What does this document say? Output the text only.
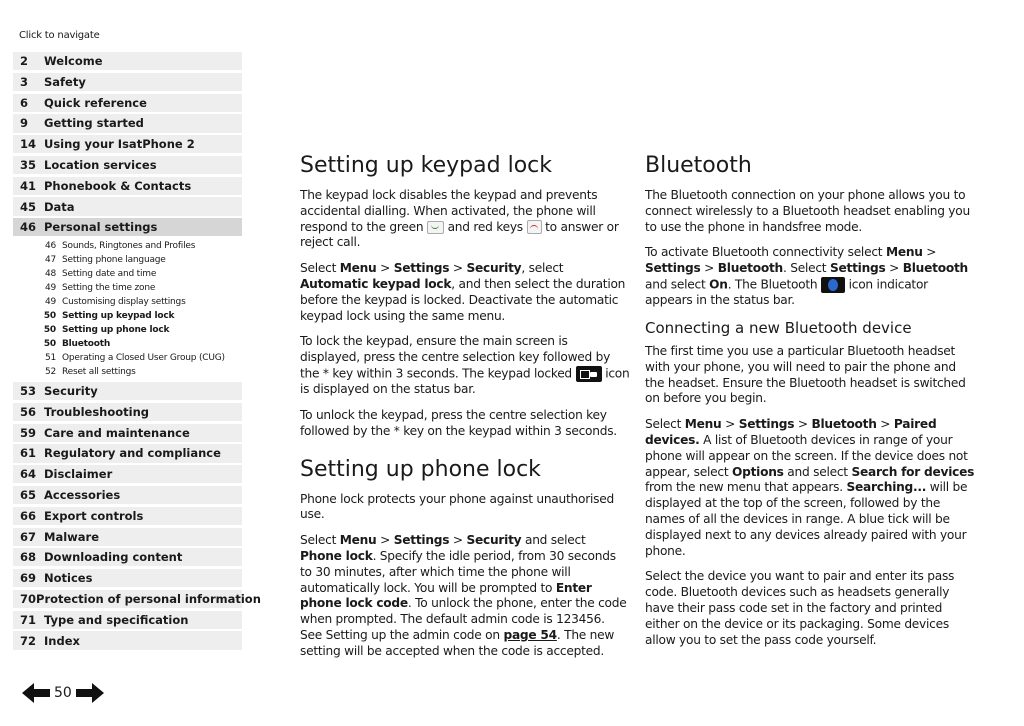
Click to navigate
2	Welcome
3	Safety
6	Quick reference
9	Getting started
14 Using your IsatPhone 2
35 Location services
41 Phonebook & Contacts
45 Data
46 Personal settings
46 Sounds, Ringtones and Profiles
47 Setting phone language
48 Setting date and time
49 Setting the time zone
49 Customising display settings
50 Setting up keypad lock
50 Setting up phone lock
50 Bluetooth
51 Operating a Closed User Group (CUG)
52 Reset all settings
53 Security
56 Troubleshooting
59 Care and maintenance
61 Regulatory and compliance
64 Disclaimer
65 Accessories
66 Export controls
67 Malware
68 Downloading content
69 Notices
70 Protection of personal information
71 Type and specification
72 Index
Setting up keypad lock

The keypad lock disables the keypad and prevents accidental dialling. When activated, the phone will respond to the green and red keys to answer or reject call.

Select Menu > Settings > Security, select Automatic keypad lock, and then select the duration before the keypad is locked. Deactivate the automatic keypad lock using the same menu.

To lock the keypad, ensure the main screen is displayed, press the centre selection key followed by the * key within 3 seconds. The keypad locked	icon is displayed on the status bar.

To unlock the keypad, press the centre selection key followed by the * key on the keypad within 3 seconds.

Setting up phone lock

Phone lock protects your phone against unauthorised use.

Select Menu > Settings > Security and select Phone lock. Specify the idle period, from 30 seconds to 30 minutes, after which time the phone will automatically lock. You will be prompted to Enter phone lock code. To unlock the phone, enter the code when prompted. The default admin code is 123456. See Setting up the admin code on page 54. The new setting will be accepted when the code is accepted.

Bluetooth

The Bluetooth connection on your phone allows you to connect wirelessly to a Bluetooth headset enabling you to use the phone in handsfree mode.

To activate Bluetooth connectivity select Menu > Settings > Bluetooth. Select Settings > Bluetooth and select On. The Bluetooth  icon indicator appears in the status bar.

Connecting a new Bluetooth device

The first time you use a particular Bluetooth headset with your phone, you will need to pair the phone and the headset. Ensure the Bluetooth headset is switched on before you begin.

Select Menu > Settings > Bluetooth > Paired devices. A list of Bluetooth devices in range of your phone will appear on the screen. If the device does not appear, select Options and select Search for devices from the new menu that appears. Searching... will be displayed at the top of the screen, followed by the names of all the devices in range. A blue tick will be displayed next to any devices already paired with your phone.

Select the device you want to pair and enter its pass code. Bluetooth devices such as headsets generally have their pass code set in the factory and printed either on the device or its packaging. Some devices allow you to set the pass code yourself.

50
